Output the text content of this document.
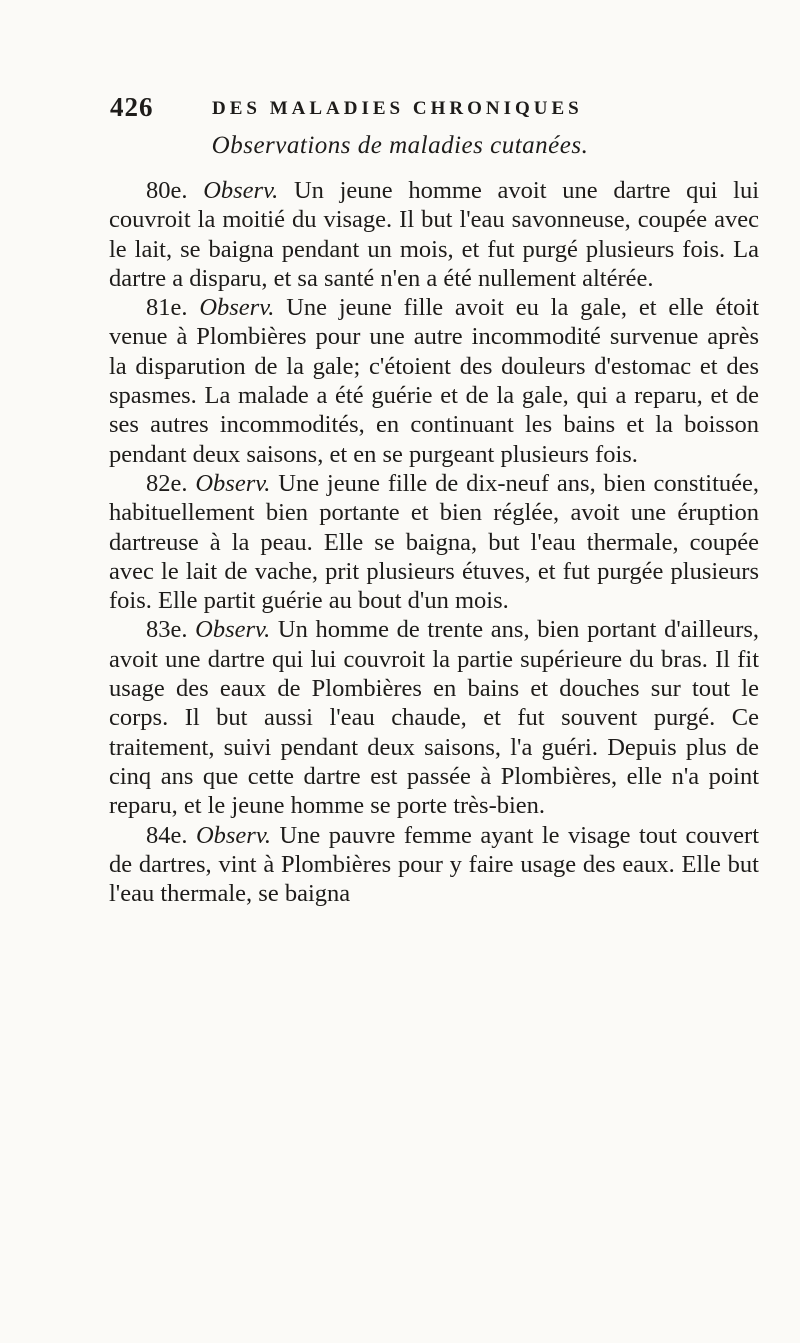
426	DES MALADIES CHRONIQUES
Observations de maladies cutanées.

80e. Observ. Un jeune homme avoit une dartre qui lui couvroit la moitié du visage. Il but l'eau savonneuse, coupée avec le lait, se baigna pendant un mois, et fut purgé plusieurs fois. La dartre a disparu, et sa santé n'en a été nullement altérée.

81e. Observ. Une jeune fille avoit eu la gale, et elle étoit venue à Plombières pour une autre incommodité survenue après la disparution de la gale; c'étoient des douleurs d'estomac et des spasmes. La malade a été guérie et de la gale, qui a reparu, et de ses autres incommodités, en continuant les bains et la boisson pendant deux saisons, et en se purgeant plusieurs fois.

82e. Observ. Une jeune fille de dix-neuf ans, bien constituée, habituellement bien portante et bien réglée, avoit une éruption dartreuse à la peau. Elle se baigna, but l'eau thermale, coupée avec le lait de vache, prit plusieurs étuves, et fut purgée plusieurs fois. Elle partit guérie au bout d'un mois.

83e. Observ. Un homme de trente ans, bien portant d'ailleurs, avoit une dartre qui lui couvroit la partie supérieure du bras. Il fit usage des eaux de Plombières en bains et douches sur tout le corps. Il but aussi l'eau chaude, et fut souvent purgé. Ce traitement, suivi pendant deux saisons, l'a guéri. Depuis plus de cinq ans que cette dartre est passée à Plombières, elle n'a point reparu, et le jeune homme se porte très-bien.

84e. Observ. Une pauvre femme ayant le visage tout couvert de dartres, vint à Plombières pour y faire usage des eaux. Elle but l'eau thermale, se baigna
